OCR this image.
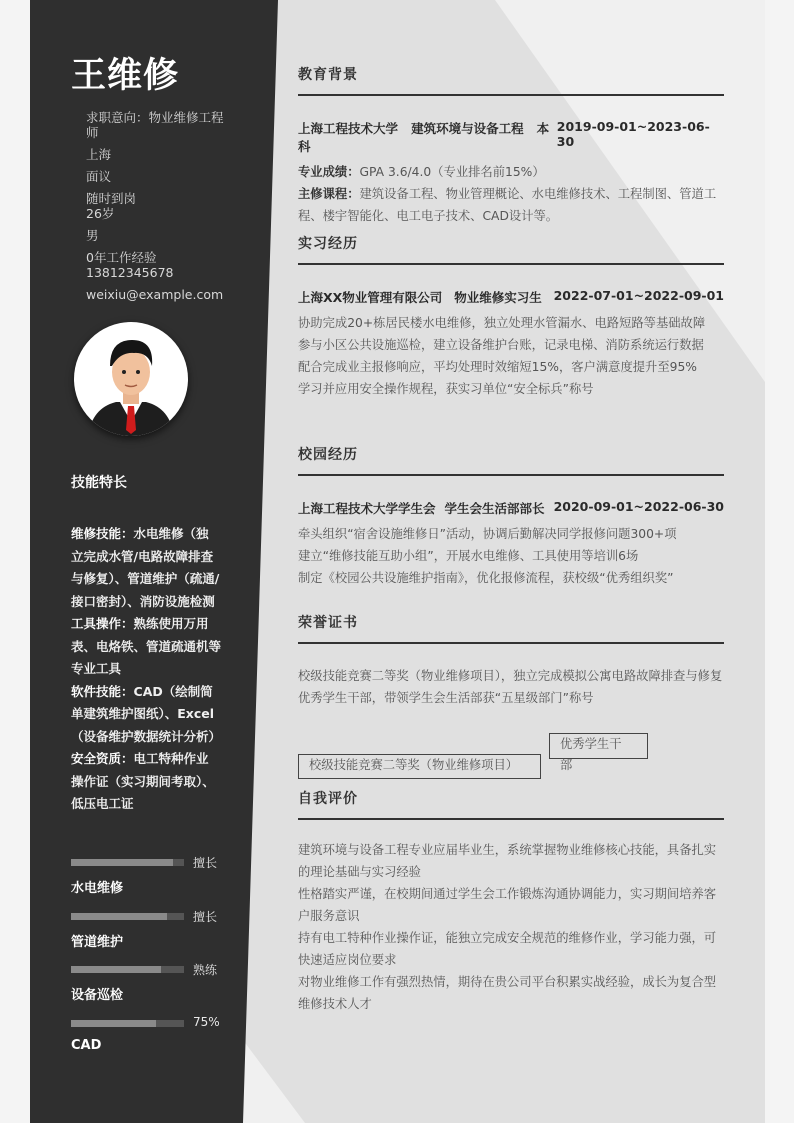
王维修
求职意向：物业维修工程师
上海
面议
随时到岗
26岁
男
0年工作经验
13812345678
weixiu@example.com
技能特长
维修技能：水电维修（独立完成水管/电路故障排查与修复）、管道维护（疏通/接口密封）、消防设施检测
工具操作：熟练使用万用表、电烙铁、管道疏通机等专业工具
软件技能：CAD（绘制简单建筑维护图纸）、Excel（设备维护数据统计分析）
安全资质：电工特种作业操作证（实习期间考取）、低压电工证
擅长
水电维修
擅长
管道维护
熟练
设备巡检
75%
CAD
教育背景
上海工程技术大学 建筑环境与设备工程 本科
2019-09-01~2023-06-30
专业成绩：GPA 3.6/4.0（专业排名前15%）
主修课程：建筑设备工程、物业管理概论、水电维修技术、工程制图、管道工程、楼宇智能化、电工电子技术、CAD设计等。
实习经历
上海XX物业管理有限公司 物业维修实习生 2022-07-01~2022-09-01
协助完成20+栋居民楼水电维修，独立处理水管漏水、电路短路等基础故障
参与小区公共设施巡检，建立设备维护台账，记录电梯、消防系统运行数据
配合完成业主报修响应，平均处理时效缩短15%，客户满意度提升至95%
学习并应用安全操作规程，获实习单位“安全标兵”称号
校园经历
上海工程技术大学学生会 学生会生活部部长 2020-09-01~2022-06-30
牵头组织“宿舍设施维修日”活动，协调后勤解决同学报修问题300+项
建立“维修技能互助小组”，开展水电维修、工具使用等培训6场
制定《校园公共设施维护指南》，优化报修流程，获校级“优秀组织奖”
荣誉证书
校级技能竞赛二等奖（物业维修项目），独立完成模拟公寓电路故障排查与修复
优秀学生干部，带领学生会生活部获“五星级部门”称号
校级技能竞赛二等奖（物业维修项目）
优秀学生干部
自我评价
建筑环境与设备工程专业应届毕业生，系统掌握物业维修核心技能，具备扎实的理论基础与实习经验
性格踏实严谨，在校期间通过学生会工作锻炼沟通协调能力，实习期间培养客户服务意识
持有电工特种作业操作证，能独立完成安全规范的维修作业，学习能力强，可快速适应岗位要求
对物业维修工作有强烈热情，期待在贵公司平台积累实战经验，成长为复合型维修技术人才
